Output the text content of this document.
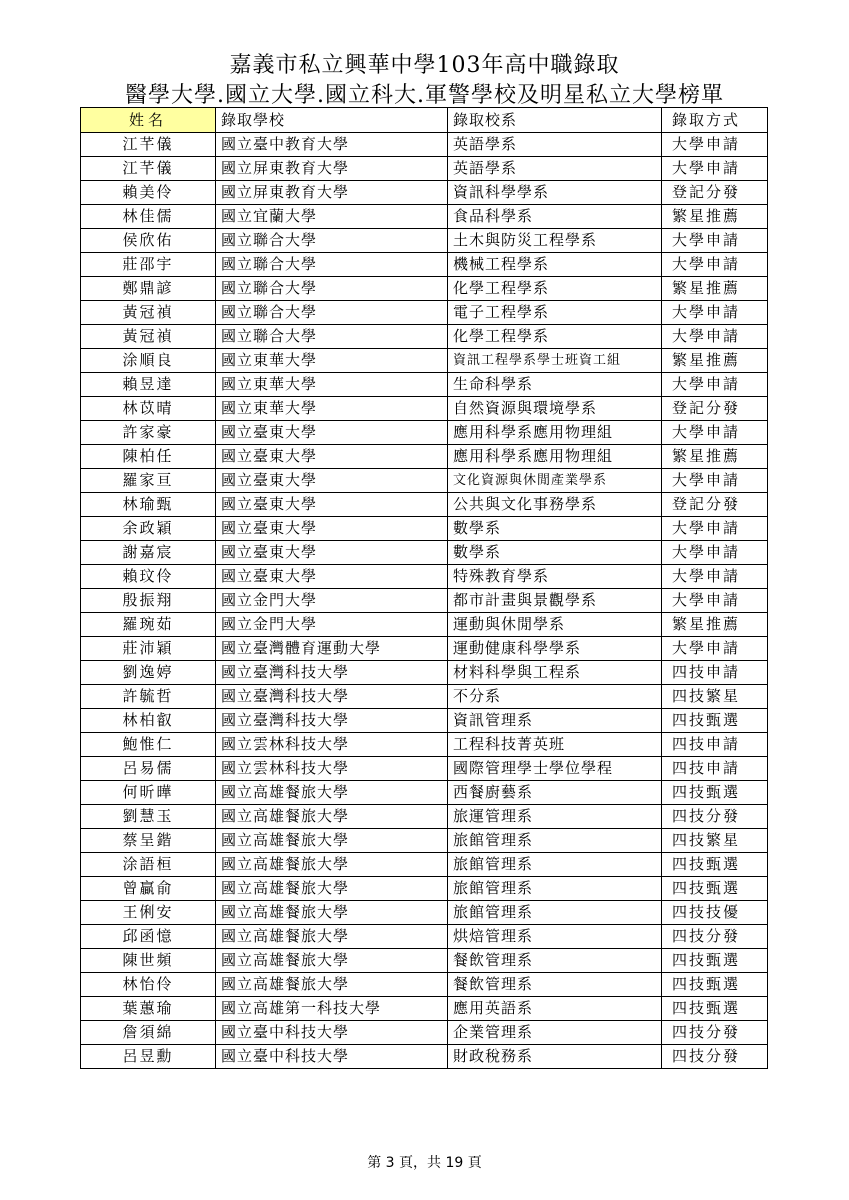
嘉義市私立興華中學103年高中職錄取
醫學大學.國立大學.國立科大.軍警學校及明星私立大學榜單
姓名	錄取學校	錄取校系	錄取方式
江芊儀	國立臺中教育大學	英語學系	大學申請
江芊儀	國立屏東教育大學	英語學系	大學申請
賴美伶	國立屏東教育大學	資訊科學學系	登記分發
林佳儒	國立宜蘭大學	食品科學系	繁星推薦
侯欣佑	國立聯合大學	土木與防災工程學系	大學申請
莊邵宇	國立聯合大學	機械工程學系	大學申請
鄭鼎諺	國立聯合大學	化學工程學系	繁星推薦
黃冠禎	國立聯合大學	電子工程學系	大學申請
黃冠禎	國立聯合大學	化學工程學系	大學申請
涂順良	國立東華大學	資訊工程學系學士班資工組	繁星推薦
賴昱達	國立東華大學	生命科學系	大學申請
林苡晴	國立東華大學	自然資源與環境學系	登記分發
許家豪	國立臺東大學	應用科學系應用物理組	大學申請
陳柏任	國立臺東大學	應用科學系應用物理組	繁星推薦
羅家亘	國立臺東大學	文化資源與休閒產業學系	大學申請
林瑜甄	國立臺東大學	公共與文化事務學系	登記分發
余政穎	國立臺東大學	數學系	大學申請
謝嘉宸	國立臺東大學	數學系	大學申請
賴玟伶	國立臺東大學	特殊教育學系	大學申請
殷振翔	國立金門大學	都市計畫與景觀學系	大學申請
羅琬茹	國立金門大學	運動與休閒學系	繁星推薦
莊沛穎	國立臺灣體育運動大學	運動健康科學學系	大學申請
劉逸婷	國立臺灣科技大學	材料科學與工程系	四技申請
許毓哲	國立臺灣科技大學	不分系	四技繁星
林柏叡	國立臺灣科技大學	資訊管理系	四技甄選
鮑惟仁	國立雲林科技大學	工程科技菁英班	四技申請
呂易儒	國立雲林科技大學	國際管理學士學位學程	四技申請
何昕曄	國立高雄餐旅大學	西餐廚藝系	四技甄選
劉慧玉	國立高雄餐旅大學	旅運管理系	四技分發
蔡呈鍇	國立高雄餐旅大學	旅館管理系	四技繁星
涂語桓	國立高雄餐旅大學	旅館管理系	四技甄選
曾贏俞	國立高雄餐旅大學	旅館管理系	四技甄選
王俐安	國立高雄餐旅大學	旅館管理系	四技技優
邱函憶	國立高雄餐旅大學	烘焙管理系	四技分發
陳世頻	國立高雄餐旅大學	餐飲管理系	四技甄選
林怡伶	國立高雄餐旅大學	餐飲管理系	四技甄選
葉蕙瑜	國立高雄第一科技大學	應用英語系	四技甄選
詹須綿	國立臺中科技大學	企業管理系	四技分發
呂昱勳	國立臺中科技大學	財政稅務系	四技分發
第 3 頁，共 19 頁
